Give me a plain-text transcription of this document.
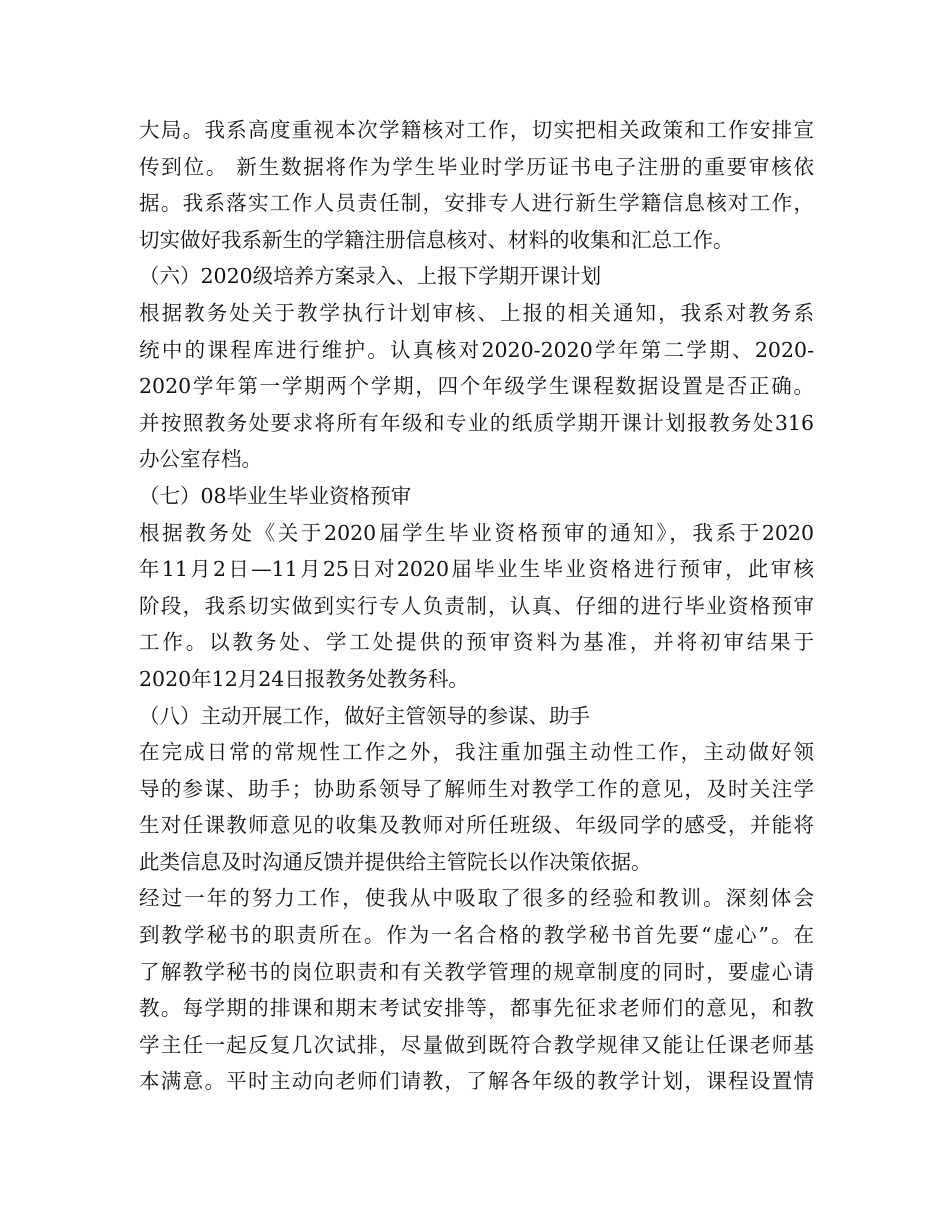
大局。我系高度重视本次学籍核对工作，切实把相关政策和工作安排宣
传到位。 新生数据将作为学生毕业时学历证书电子注册的重要审核依
据。我系落实工作人员责任制，安排专人进行新生学籍信息核对工作，
切实做好我系新生的学籍注册信息核对、材料的收集和汇总工作。
（六）2020级培养方案录入、上报下学期开课计划
根据教务处关于教学执行计划审核、上报的相关通知，我系对教务系
统中的课程库进行维护。认真核对2020-2020学年第二学期、2020-
2020学年第一学期两个学期，四个年级学生课程数据设置是否正确。
并按照教务处要求将所有年级和专业的纸质学期开课计划报教务处316
办公室存档。
（七）08毕业生毕业资格预审
根据教务处《关于2020届学生毕业资格预审的通知》，我系于2020
年11月2日—11月25日对2020届毕业生毕业资格进行预审，此审核
阶段，我系切实做到实行专人负责制，认真、仔细的进行毕业资格预审
工作。以教务处、学工处提供的预审资料为基准，并将初审结果于
2020年12月24日报教务处教务科。
（八）主动开展工作，做好主管领导的参谋、助手
在完成日常的常规性工作之外，我注重加强主动性工作，主动做好领
导的参谋、助手；协助系领导了解师生对教学工作的意见，及时关注学
生对任课教师意见的收集及教师对所任班级、年级同学的感受，并能将
此类信息及时沟通反馈并提供给主管院长以作决策依据。
经过一年的努力工作，使我从中吸取了很多的经验和教训。深刻体会
到教学秘书的职责所在。作为一名合格的教学秘书首先要“虚心”。在
了解教学秘书的岗位职责和有关教学管理的规章制度的同时，要虚心请
教。每学期的排课和期末考试安排等，都事先征求老师们的意见，和教
学主任一起反复几次试排，尽量做到既符合教学规律又能让任课老师基
本满意。平时主动向老师们请教，了解各年级的教学计划，课程设置情
